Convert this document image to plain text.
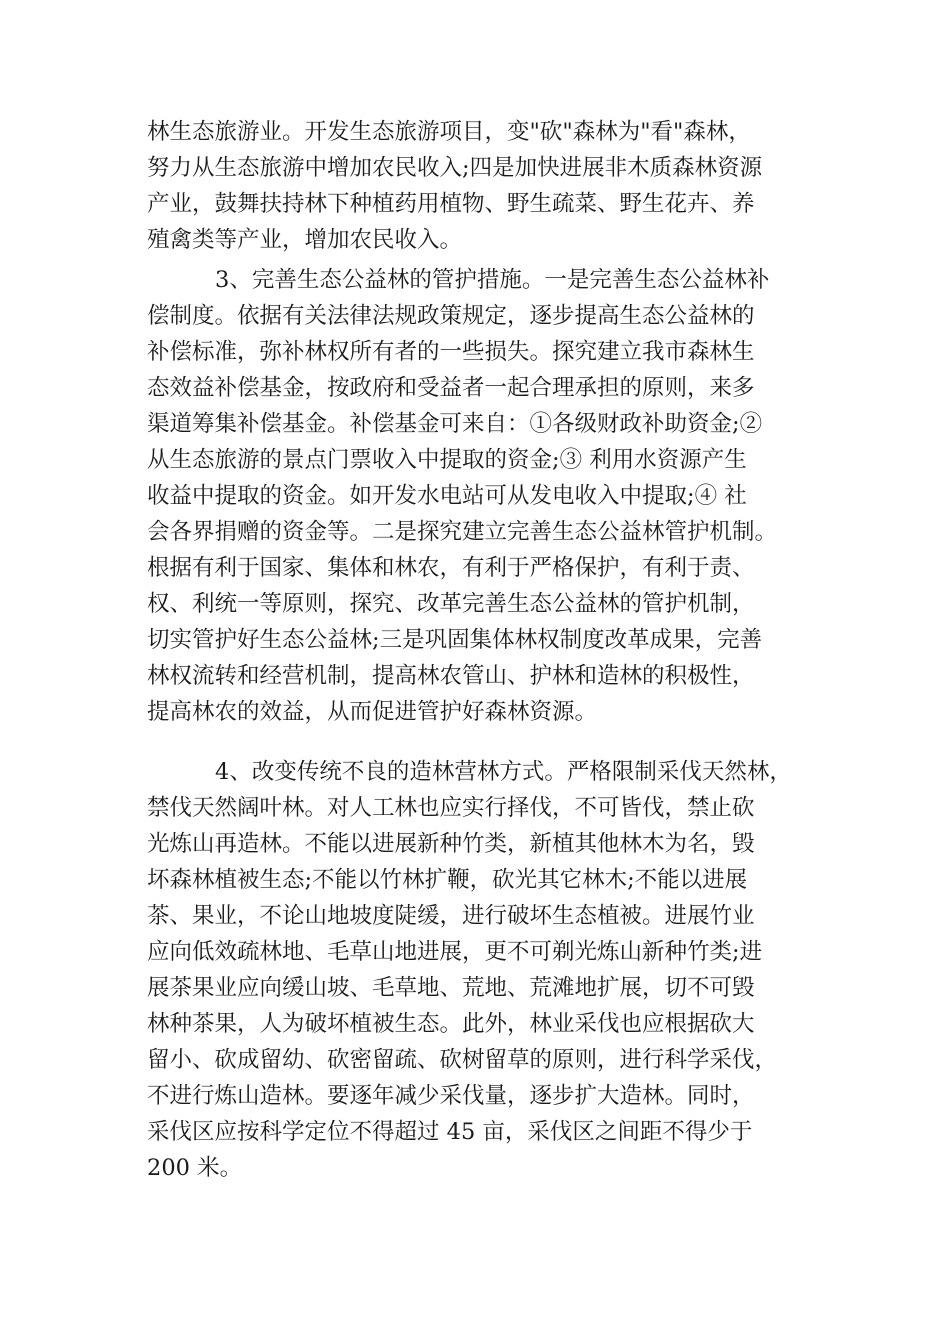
林生态旅游业。开发生态旅游项目，变"砍"森林为"看"森林，
努力从生态旅游中增加农民收入;四是加快进展非木质森林资源
产业，鼓舞扶持林下种植药用植物、野生疏菜、野生花卉、养
殖禽类等产业，增加农民收入。
3、完善生态公益林的管护措施。一是完善生态公益林补
偿制度。依据有关法律法规政策规定，逐步提高生态公益林的
补偿标准，弥补林权所有者的一些损失。探究建立我市森林生
态效益补偿基金，按政府和受益者一起合理承担的原则，来多
渠道筹集补偿基金。补偿基金可来自：①各级财政补助资金;②
从生态旅游的景点门票收入中提取的资金;③ 利用水资源产生
收益中提取的资金。如开发水电站可从发电收入中提取;④ 社
会各界捐赠的资金等。二是探究建立完善生态公益林管护机制。
根据有利于国家、集体和林农，有利于严格保护，有利于责、
权、利统一等原则，探究、改革完善生态公益林的管护机制，
切实管护好生态公益林;三是巩固集体林权制度改革成果，完善
林权流转和经营机制，提高林农管山、护林和造林的积极性，
提高林农的效益，从而促进管护好森林资源。
4、改变传统不良的造林营林方式。严格限制采伐天然林，
禁伐天然阔叶林。对人工林也应实行择伐，不可皆伐，禁止砍
光炼山再造林。不能以进展新种竹类，新植其他林木为名，毁
坏森林植被生态;不能以竹林扩鞭，砍光其它林木;不能以进展
茶、果业，不论山地坡度陡缓，进行破坏生态植被。进展竹业
应向低效疏林地、毛草山地进展，更不可剃光炼山新种竹类;进
展茶果业应向缓山坡、毛草地、荒地、荒滩地扩展，切不可毁
林种茶果，人为破坏植被生态。此外，林业采伐也应根据砍大
留小、砍成留幼、砍密留疏、砍树留草的原则，进行科学采伐，
不进行炼山造林。要逐年减少采伐量，逐步扩大造林。同时，
采伐区应按科学定位不得超过 45 亩，采伐区之间距不得少于
200 米。
